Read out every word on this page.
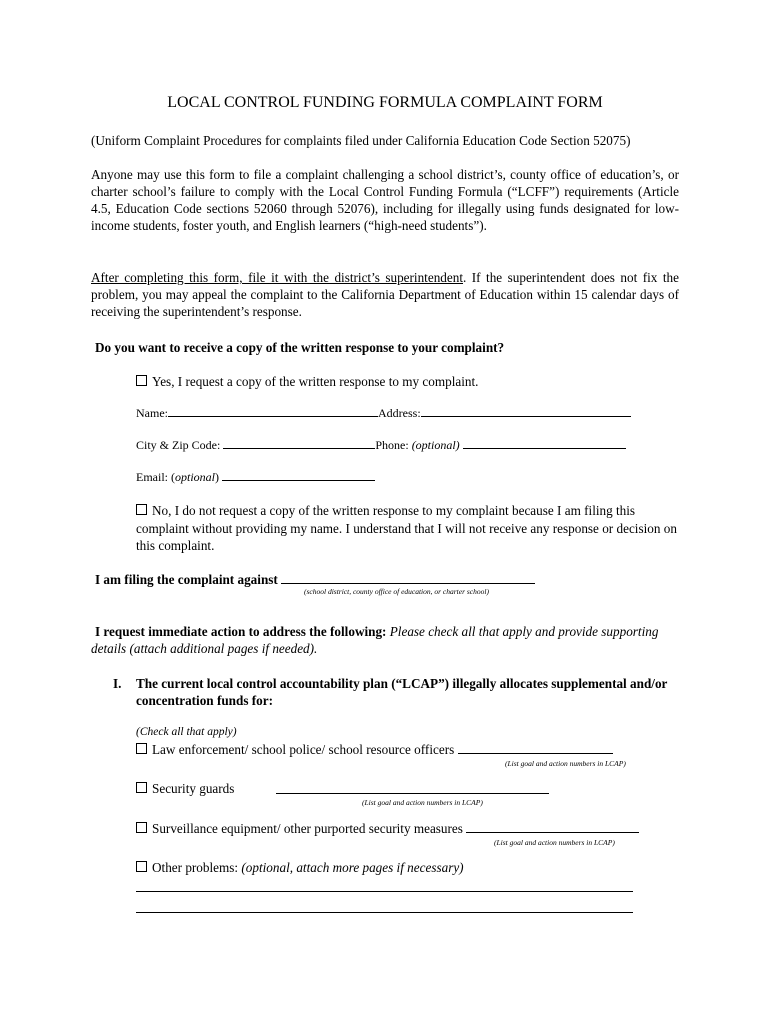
LOCAL CONTROL FUNDING FORMULA COMPLAINT FORM
(Uniform Complaint Procedures for complaints filed under California Education Code Section 52075)
Anyone may use this form to file a complaint challenging a school district’s, county office of education’s, or charter school’s failure to comply with the Local Control Funding Formula (“LCFF”) requirements (Article 4.5, Education Code sections 52060 through 52076), including for illegally using funds designated for low-income students, foster youth, and English learners (“high-need students”).
After completing this form, file it with the district’s superintendent. If the superintendent does not fix the problem, you may appeal the complaint to the California Department of Education within 15 calendar days of receiving the superintendent’s response.
Do you want to receive a copy of the written response to your complaint?
Yes, I request a copy of the written response to my complaint.
Name:	Address:
City & Zip Code:	Phone: (optional)
Email: (optional)
No, I do not request a copy of the written response to my complaint because I am filing this complaint without providing my name. I understand that I will not receive any response or decision on this complaint.
I am filing the complaint against
(school district, county office of education, or charter school)
I request immediate action to address the following: Please check all that apply and provide supporting details (attach additional pages if needed).
I. The current local control accountability plan (“LCAP”) illegally allocates supplemental and/or concentration funds for:
(Check all that apply)
Law enforcement/ school police/ school resource officers
(List goal and action numbers in LCAP)
Security guards
(List goal and action numbers in LCAP)
Surveillance equipment/ other purported security measures
(List goal and action numbers in LCAP)
Other problems: (optional, attach more pages if necessary)
